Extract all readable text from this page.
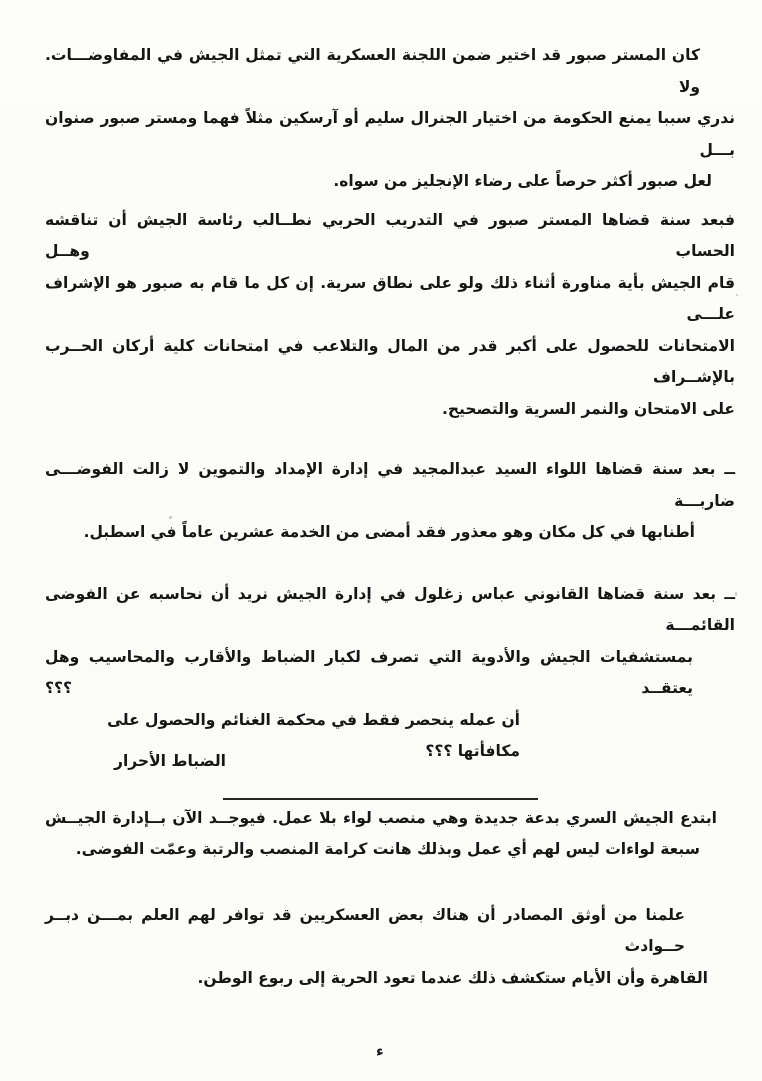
كان المستر صبور قد اختير ضمن اللجنة العسكرية التي تمثل الجيش في المفاوضـــات. ولا
ندري سببا يمنع الحكومة من اختيار الجنرال سليم أو آرسكين مثلاً فهما ومستر صبور صنوان بـــل
لعل صبور أكثر حرصاً على رضاء الإنجليز من سواه.
فبعد سنة قضاها المستر صبور في التدريب الحربي نطــالب رئاسة الجيش أن تناقشه الحساب وهــل
قام الجيش بأية مناورة أثناء ذلك ولو على نطاق سرية. إن كل ما قام به صبور هو الإشراف علـــى
الامتحانات للحصول على أكبر قدر من المال والتلاعب في امتحانات كلية أركان الحــرب بالإشــراف
على الامتحان والنمر السرية والتصحيح.
ــ بعد سنة قضاها اللواء السيد عبدالمجيد في إدارة الإمداد والتموين لا زالت الفوضـــى ضاربـــة
أطنابها في كل مكان وهو معذور فقد أمضى من الخدمة عشرين عاماً في اسطبل.
ــ بعد سنة قضاها القانوني عباس زغلول في إدارة الجيش نريد أن نحاسبه عن الفوضى القائمـــة
بمستشفيات الجيش والأدوية التي تصرف لكبار الضباط والأقارب والمحاسيب وهل يعتقــد ؟؟؟
أن عمله ينحصر فقط في محكمة الغنائم والحصول على مكافأتها ؟؟؟
ابتدع الجيش السري بدعة جديدة وهي منصب لواء بلا عمل. فيوجــد الآن بــإدارة الجيــش
سبعة لواءات ليس لهم أي عمل وبذلك هانت كرامة المنصب والرتبة وعمّت الفوضى.
علمنا من أوثق المصادر أن هناك بعض العسكريين قد توافر لهم العلم بمـــن دبــر حــوادث
القاهرة وأن الأيام ستكشف ذلك عندما تعود الحرية إلى ربوع الوطن.
الضباط الأحرار
ء
